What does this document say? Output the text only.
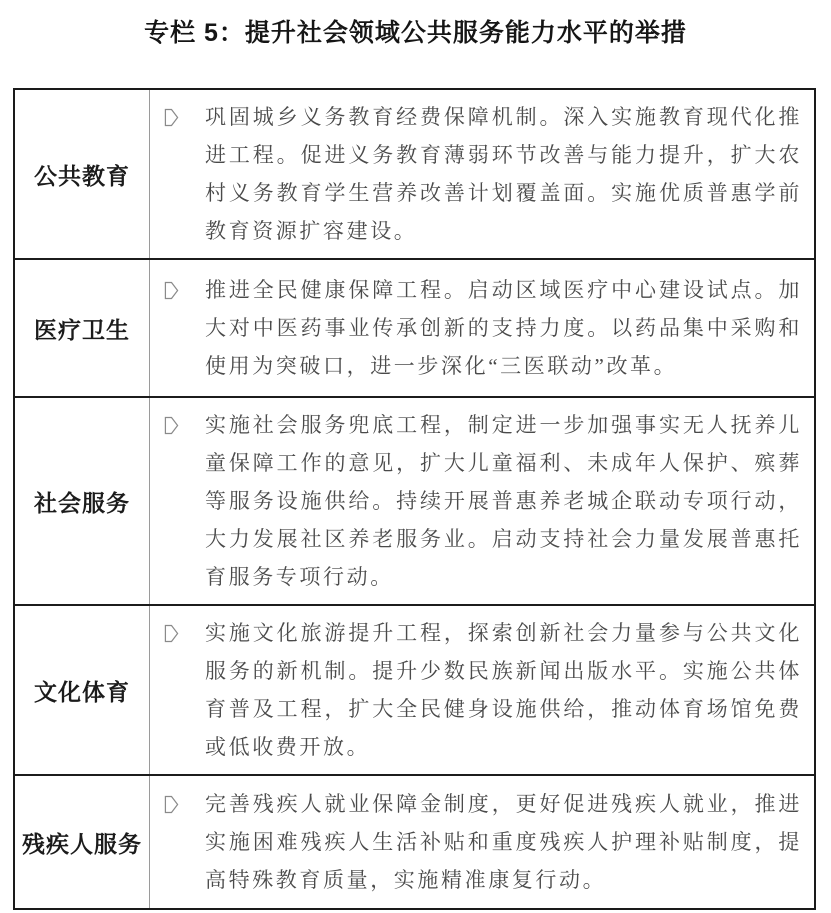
专栏 5：提升社会领域公共服务能力水平的举措
公共教育

巩固城乡义务教育经费保障机制。深入实施教育现代化推进工程。促进义务教育薄弱环节改善与能力提升，扩大农村义务教育学生营养改善计划覆盖面。实施优质普惠学前教育资源扩容建设。

医疗卫生

推进全民健康保障工程。启动区域医疗中心建设试点。加大对中医药事业传承创新的支持力度。以药品集中采购和使用为突破口，进一步深化“三医联动”改革。

社会服务

实施社会服务兜底工程，制定进一步加强事实无人抚养儿童保障工作的意见，扩大儿童福利、未成年人保护、殡葬等服务设施供给。持续开展普惠养老城企联动专项行动，大力发展社区养老服务业。启动支持社会力量发展普惠托育服务专项行动。

文化体育

实施文化旅游提升工程，探索创新社会力量参与公共文化服务的新机制。提升少数民族新闻出版水平。实施公共体育普及工程，扩大全民健身设施供给，推动体育场馆免费或低收费开放。

残疾人服务

完善残疾人就业保障金制度，更好促进残疾人就业，推进实施困难残疾人生活补贴和重度残疾人护理补贴制度，提高特殊教育质量，实施精准康复行动。
